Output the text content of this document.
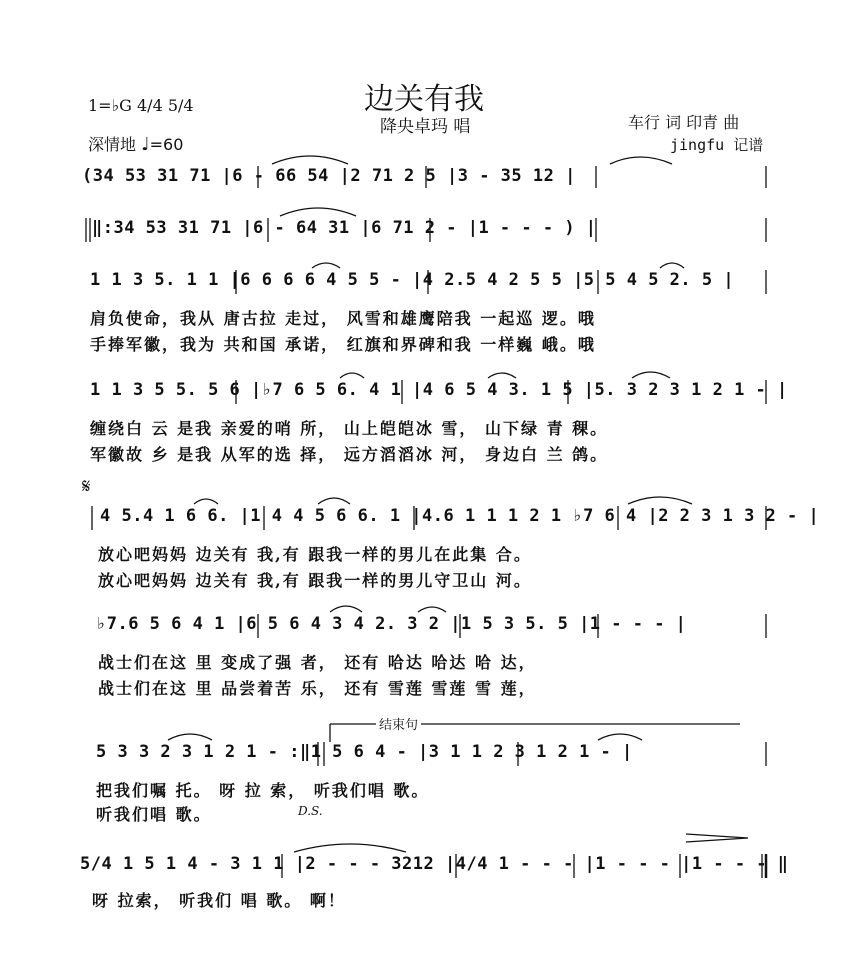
边关有我
降央卓玛 唱	车行 词 印青 曲
jingfu 记谱
1=♭G 4/4 5/4
深情地 ♩=60
(34 53 31 71 |6 - 66 54 |2 71 2 5 |3 - 35 12 |
‖:34 53 31 71 |6 - 64 31 |6 71 2 - |1 - - - ) |
1 1 3 5. 1 1 |6 6 6 6 4 5 5 - |4 2.5 4 2 5 5 |5 5 4 5 2. 5 |
肩负使命，我从 唐古拉 走过， 风雪和雄鹰陪我 一起巡 逻。哦
手捧军徽，我为 共和国 承诺， 红旗和界碑和我 一样巍 峨。哦
1 1 3 5 5. 5 6 |♭7 6 5 6. 4 1 |4 6 5 4 3. 1 5 |5. 3 2 3 1 2 1 - |
缠绕白 云 是我 亲爱的哨 所， 山上皑皑冰 雪， 山下绿 青 稞。
军徽故 乡 是我 从军的选 择， 远方滔滔冰 河， 身边白 兰 鸽。
𝄋
4 5.4 1 6 6. |1 4 4 5 6 6. 1 |4.6 1 1 1 2 1 ♭7 6 4 |2 2 3 1 3 2 - |
放心吧妈妈 边关有 我,有 跟我一样的男儿在此集 合。
放心吧妈妈 边关有 我,有 跟我一样的男儿守卫山 河。
♭7.6 5 6 4 1 |6 5 6 4 3 4 2. 3 2 |1 5 3 5. 5 |1 - - - |
战士们在这 里 变成了强 者， 还有 哈达 哈达 哈 达，
战士们在这 里 品尝着苦 乐， 还有 雪莲 雪莲 雪 莲，
结束句
5 3 3 2 3 1 2 1 - :‖1 5 6 4 - |3 1 1 2 3 1 2 1 - |
把我们嘱 托。 呀 拉 索， 听我们唱 歌。
听我们唱 歌。	D.S.
5/4 1 5 1 4 - 3 1 1 |2 - - - 3212 |4/4 1 - - - |1 - - - |1 - - - ‖
呀 拉索， 听我们 唱 歌。 啊！
